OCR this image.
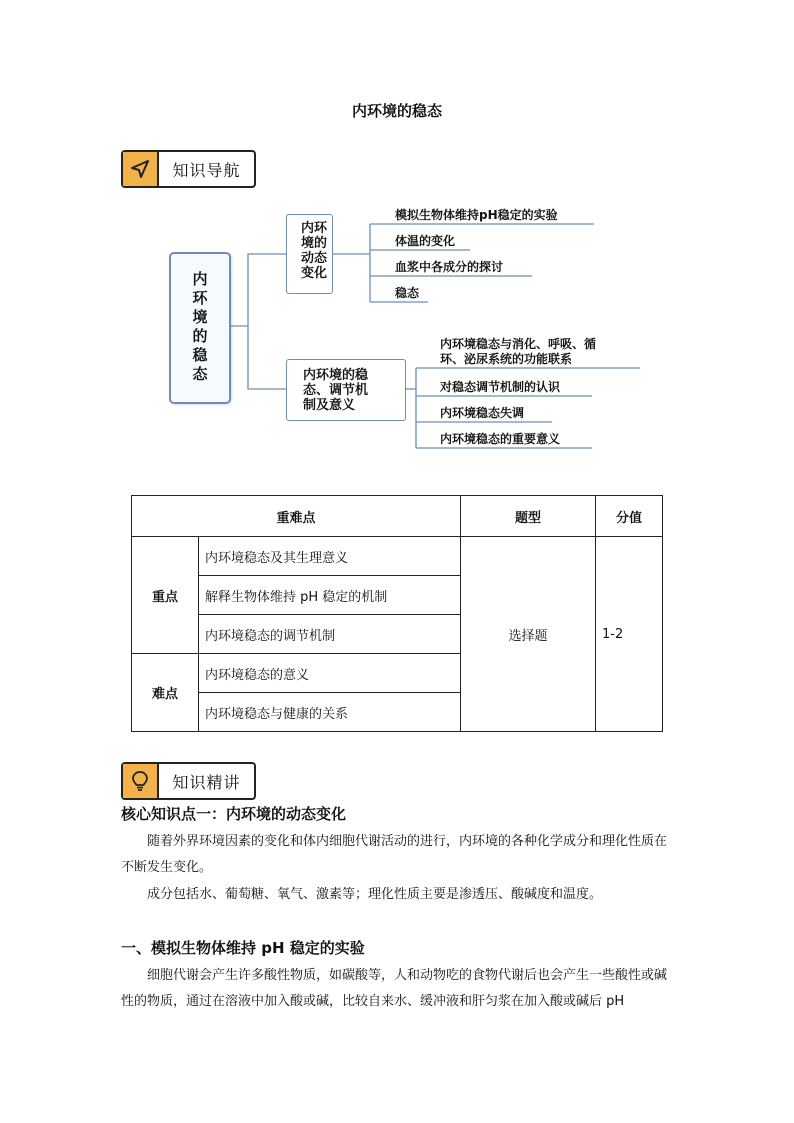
内环境的稳态
知识导航
内环境的稳态
内环
境的
动态
变化
模拟生物体维持pH稳定的实验
体温的变化
血浆中各成分的探讨
稳态
内环境的稳
态、调节机
制及意义
内环境稳态与消化、呼吸、循
环、泌尿系统的功能联系
对稳态调节机制的认识
内环境稳态失调
内环境稳态的重要意义
重难点		题型	分值
重点	内环境稳态及其生理意义	选择题	1-2
	解释生物体维持 pH 稳定的机制		
	内环境稳态的调节机制		
难点	内环境稳态的意义		
	内环境稳态与健康的关系		
知识精讲
核心知识点一：内环境的动态变化
随着外界环境因素的变化和体内细胞代谢活动的进行，内环境的各种化学成分和理化性质在不断发生变化。
成分包括水、葡萄糖、氧气、激素等；理化性质主要是渗透压、酸碱度和温度。
一、模拟生物体维持 pH 稳定的实验
细胞代谢会产生许多酸性物质，如碳酸等，人和动物吃的食物代谢后也会产生一些酸性或碱性的物质，通过在溶液中加入酸或碱，比较自来水、缓冲液和肝匀浆在加入酸或碱后 pH
